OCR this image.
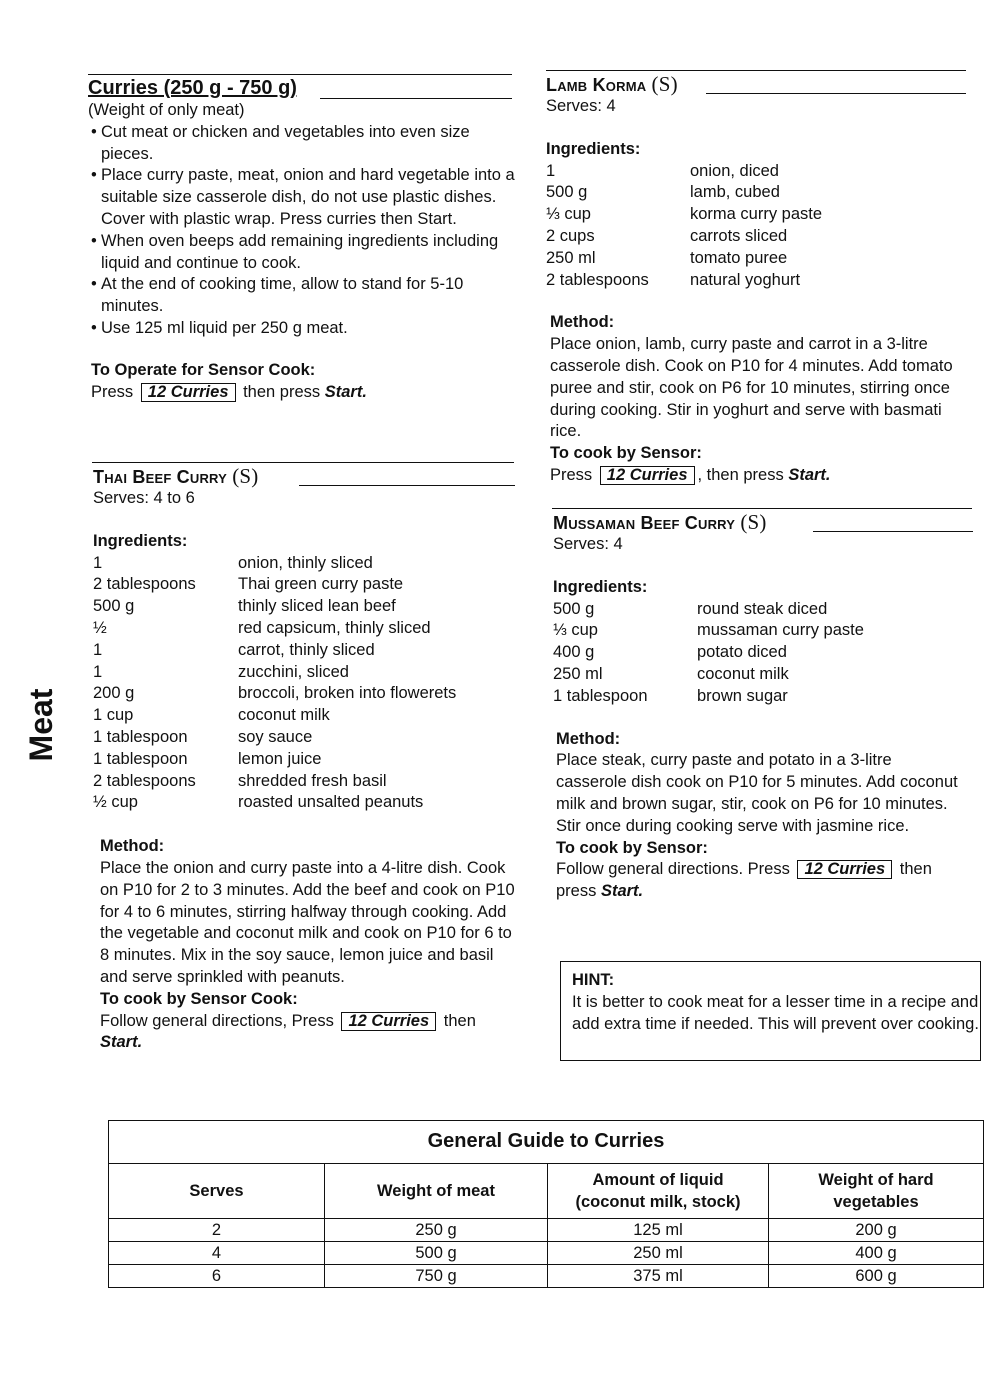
Meat
Curries (250 g - 750 g)
(Weight of only meat)
• Cut meat or chicken and vegetables into even size pieces.
• Place curry paste, meat, onion and hard vegetable into a suitable size casserole dish, do not use plastic dishes. Cover with plastic wrap. Press curries then Start.
• When oven beeps add remaining ingredients including liquid and continue to cook.
• At the end of cooking time, allow to stand for 5-10 minutes.
• Use 125 ml liquid per 250 g meat.
To Operate for Sensor Cook:
Press 12 Curries then press Start.
Thai Beef Curry (S)
Serves: 4 to 6
Ingredients:
1	onion, thinly sliced
2 tablespoons	Thai green curry paste
500 g	thinly sliced lean beef
½	red capsicum, thinly sliced
1	carrot, thinly sliced
1	zucchini, sliced
200 g	broccoli, broken into flowerets
1 cup	coconut milk
1 tablespoon	soy sauce
1 tablespoon	lemon juice
2 tablespoons	shredded fresh basil
½ cup	roasted unsalted peanuts
Method:
Place the onion and curry paste into a 4-litre dish. Cook on P10 for 2 to 3 minutes. Add the beef and cook on P10 for 4 to 6 minutes, stirring halfway through cooking. Add the vegetable and coconut milk and cook on P10 for 6 to 8 minutes. Mix in the soy sauce, lemon juice and basil and serve sprinkled with peanuts.
To cook by Sensor Cook:
Follow general directions, Press 12 Curries then
Start.
Lamb Korma (S)
Serves: 4
Ingredients:
1	onion, diced
500 g	lamb, cubed
⅓ cup	korma curry paste
2 cups	carrots sliced
250 ml	tomato puree
2 tablespoons	natural yoghurt
Method:
Place onion, lamb, curry paste and carrot in a 3-litre casserole dish. Cook on P10 for 4 minutes. Add tomato puree and stir, cook on P6 for 10 minutes, stirring once during cooking. Stir in yoghurt and serve with basmati rice.
To cook by Sensor:
Press 12 Curries , then press Start.
Mussaman Beef Curry (S)
Serves: 4
Ingredients:
500 g	round steak diced
⅓ cup	mussaman curry paste
400 g	potato diced
250 ml	coconut milk
1 tablespoon	brown sugar
Method:
Place steak, curry paste and potato in a 3-litre casserole dish cook on P10 for 5 minutes. Add coconut milk and brown sugar, stir, cook on P6 for 10 minutes. Stir once during cooking serve with jasmine rice.
To cook by Sensor:
Follow general directions. Press 12 Curries then press Start.
HINT:
It is better to cook meat for a lesser time in a recipe and add extra time if needed. This will prevent over cooking.
General Guide to Curries			
Serves	Weight of meat	Amount of liquid (coconut milk, stock)	Weight of hard vegetables
2	250 g	125 ml	200 g
4	500 g	250 ml	400 g
6	750 g	375 ml	600 g
